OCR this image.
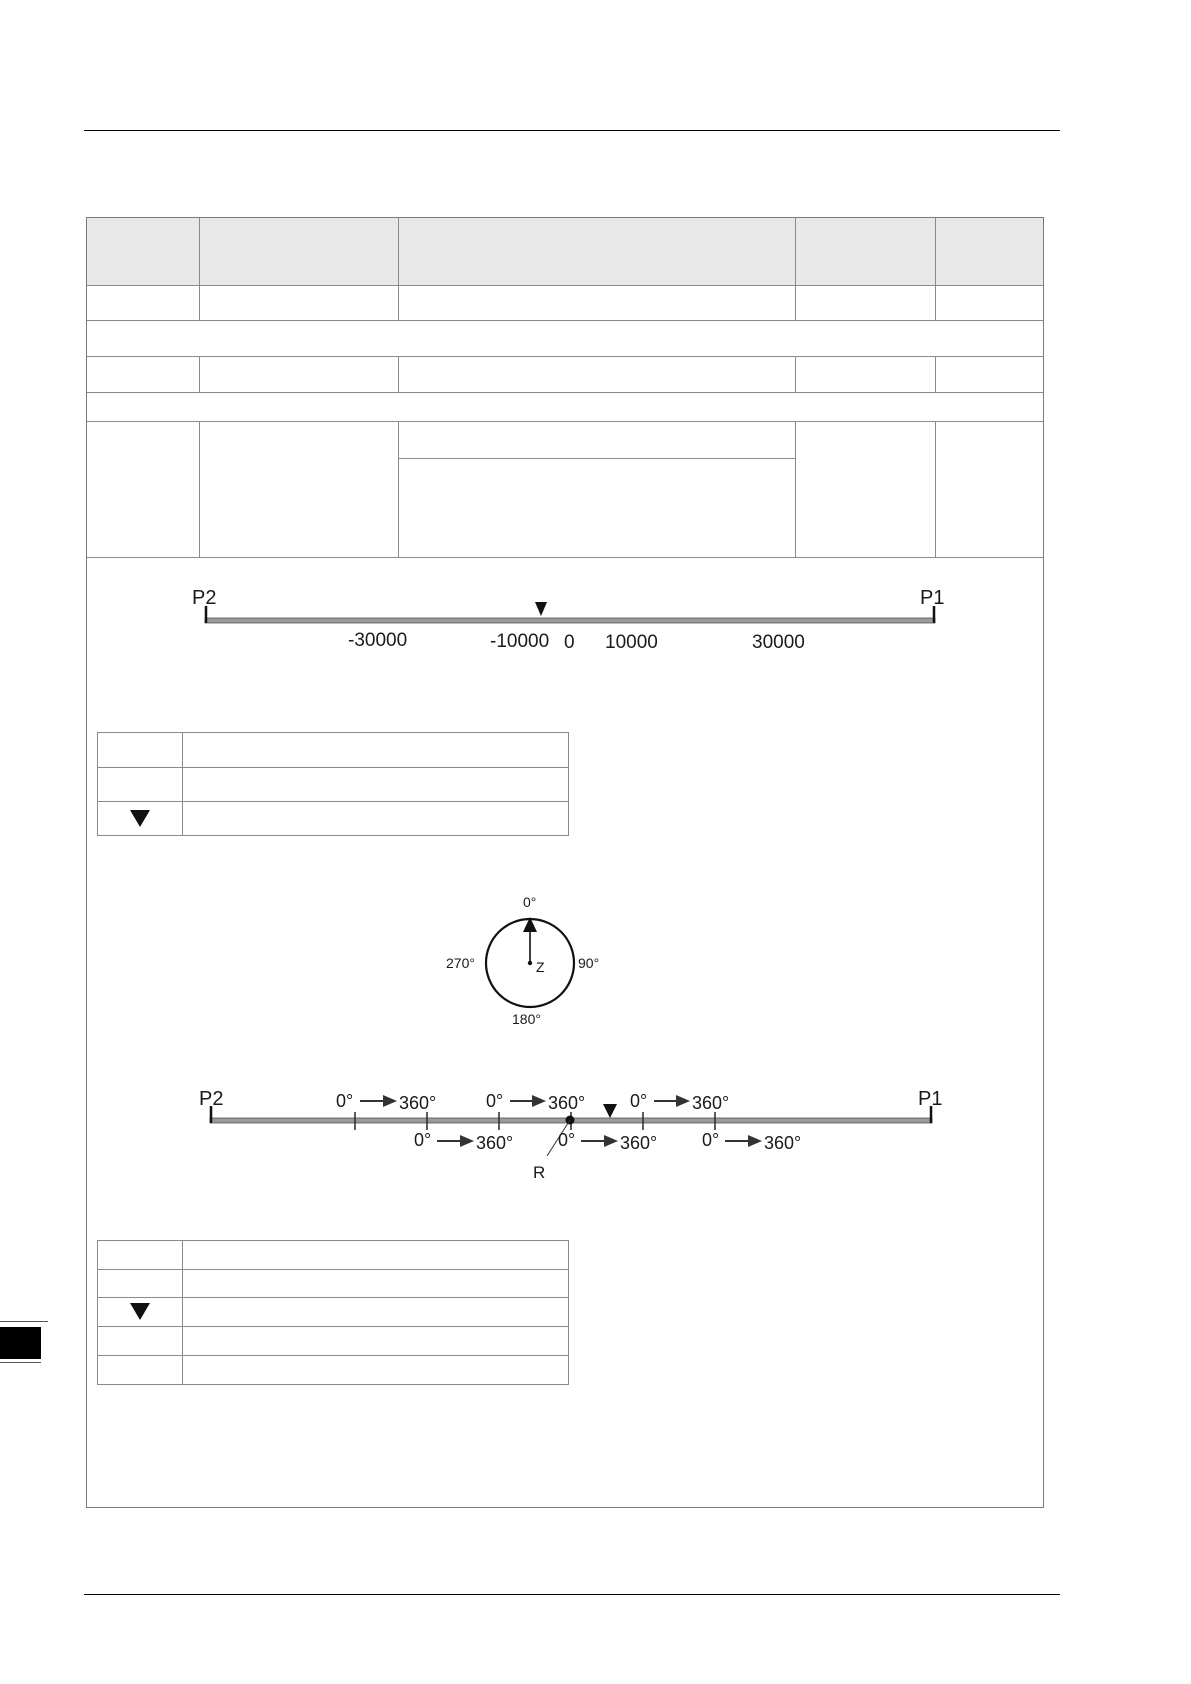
P2	P1
-30000	-10000 0 10000	30000

0°
90°
180°
270°	Z
P2	P1
R
0°	360°	0° 360° 0° 360°
0° 360° 0° 360° 0° 360°
